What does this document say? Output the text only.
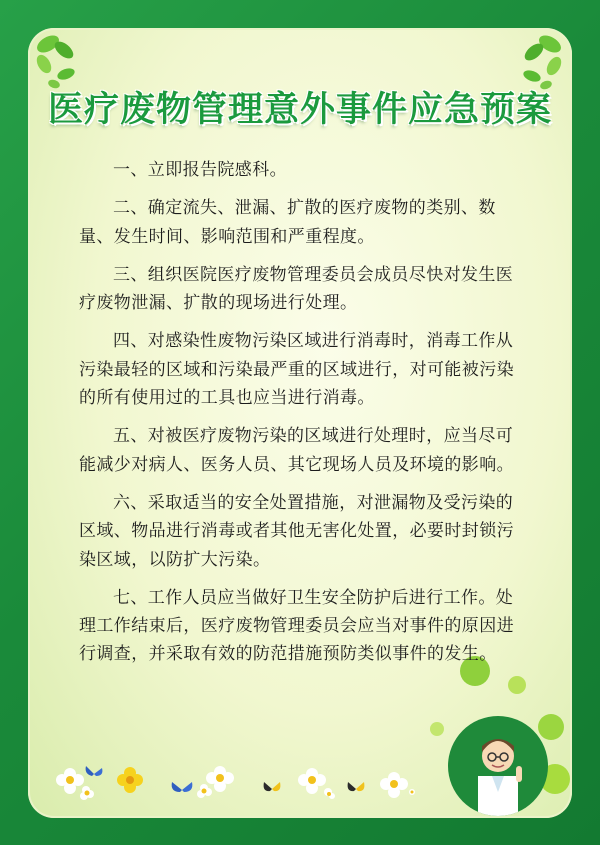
医疗废物管理意外事件应急预案

一、立即报告院感科。

二、确定流失、泄漏、扩散的医疗废物的类别、数量、发生时间、影响范围和严重程度。

三、组织医院医疗废物管理委员会成员尽快对发生医疗废物泄漏、扩散的现场进行处理。

四、对感染性废物污染区域进行消毒时，消毒工作从污染最轻的区域和污染最严重的区域进行，对可能被污染的所有使用过的工具也应当进行消毒。

五、对被医疗废物污染的区域进行处理时，应当尽可能减少对病人、医务人员、其它现场人员及环境的影响。

六、采取适当的安全处置措施，对泄漏物及受污染的区域、物品进行消毒或者其他无害化处置，必要时封锁污染区域，以防扩大污染。

七、工作人员应当做好卫生安全防护后进行工作。处理工作结束后，医疗废物管理委员会应当对事件的原因进行调查，并采取有效的防范措施预防类似事件的发生。
